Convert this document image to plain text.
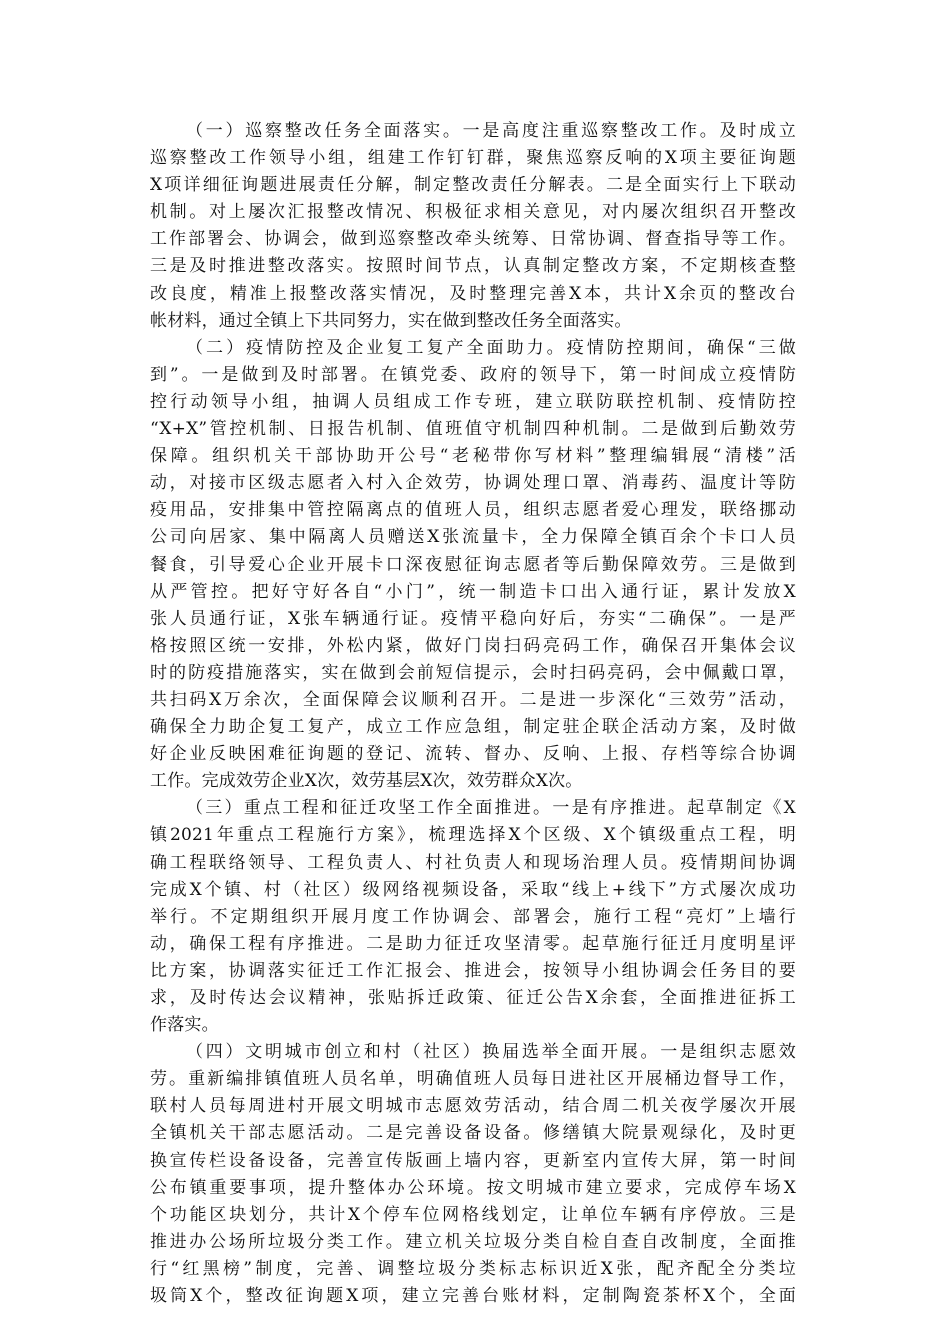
（一）巡察整改任务全面落实。一是高度注重巡察整改工作。及时成立
巡察整改工作领导小组，组建工作钉钉群，聚焦巡察反响的X项主要征询题
X项详细征询题进展责任分解，制定整改责任分解表。二是全面实行上下联动
机制。对上屡次汇报整改情况、积极征求相关意见，对内屡次组织召开整改
工作部署会、协调会，做到巡察整改牵头统筹、日常协调、督查指导等工作。
三是及时推进整改落实。按照时间节点，认真制定整改方案，不定期核查整
改良度，精准上报整改落实情况，及时整理完善X本，共计X余页的整改台
帐材料，通过全镇上下共同努力，实在做到整改任务全面落实。
（二）疫情防控及企业复工复产全面助力。疫情防控期间，确保“三做
到”。一是做到及时部署。在镇党委、政府的领导下，第一时间成立疫情防
控行动领导小组，抽调人员组成工作专班，建立联防联控机制、疫情防控
“X+X”管控机制、日报告机制、值班值守机制四种机制。二是做到后勤效劳
保障。组织机关干部协助开公号“老秘带你写材料”整理编辑展“清楼”活
动，对接市区级志愿者入村入企效劳，协调处理口罩、消毒药、温度计等防
疫用品，安排集中管控隔离点的值班人员，组织志愿者爱心理发，联络挪动
公司向居家、集中隔离人员赠送X张流量卡，全力保障全镇百余个卡口人员
餐食，引导爱心企业开展卡口深夜慰征询志愿者等后勤保障效劳。三是做到
从严管控。把好守好各自“小门”，统一制造卡口出入通行证，累计发放X
张人员通行证，X张车辆通行证。疫情平稳向好后，夯实“二确保”。一是严
格按照区统一安排，外松内紧，做好门岗扫码亮码工作，确保召开集体会议
时的防疫措施落实，实在做到会前短信提示，会时扫码亮码，会中佩戴口罩，
共扫码X万余次，全面保障会议顺利召开。二是进一步深化“三效劳”活动，
确保全力助企复工复产，成立工作应急组，制定驻企联企活动方案，及时做
好企业反映困难征询题的登记、流转、督办、反响、上报、存档等综合协调
工作。完成效劳企业X次，效劳基层X次，效劳群众X次。
（三）重点工程和征迁攻坚工作全面推进。一是有序推进。起草制定《X
镇2021年重点工程施行方案》，梳理选择X个区级、X个镇级重点工程，明
确工程联络领导、工程负责人、村社负责人和现场治理人员。疫情期间协调
完成X个镇、村（社区）级网络视频设备，采取“线上+线下”方式屡次成功
举行。不定期组织开展月度工作协调会、部署会，施行工程“亮灯”上墙行
动，确保工程有序推进。二是助力征迁攻坚清零。起草施行征迁月度明星评
比方案，协调落实征迁工作汇报会、推进会，按领导小组协调会任务目的要
求，及时传达会议精神，张贴拆迁政策、征迁公告X余套，全面推进征拆工
作落实。
（四）文明城市创立和村（社区）换届选举全面开展。一是组织志愿效
劳。重新编排镇值班人员名单，明确值班人员每日进社区开展桶边督导工作，
联村人员每周进村开展文明城市志愿效劳活动，结合周二机关夜学屡次开展
全镇机关干部志愿活动。二是完善设备设备。修缮镇大院景观绿化，及时更
换宣传栏设备设备，完善宣传版画上墙内容，更新室内宣传大屏，第一时间
公布镇重要事项，提升整体办公环境。按文明城市建立要求，完成停车场X
个功能区块划分，共计X个停车位网格线划定，让单位车辆有序停放。三是
推进办公场所垃圾分类工作。建立机关垃圾分类自检自查自改制度，全面推
行“红黑榜”制度，完善、调整垃圾分类标志标识近X张，配齐配全分类垃
圾筒X个，整改征询题X项，建立完善台账材料，定制陶瓷茶杯X个，全面
